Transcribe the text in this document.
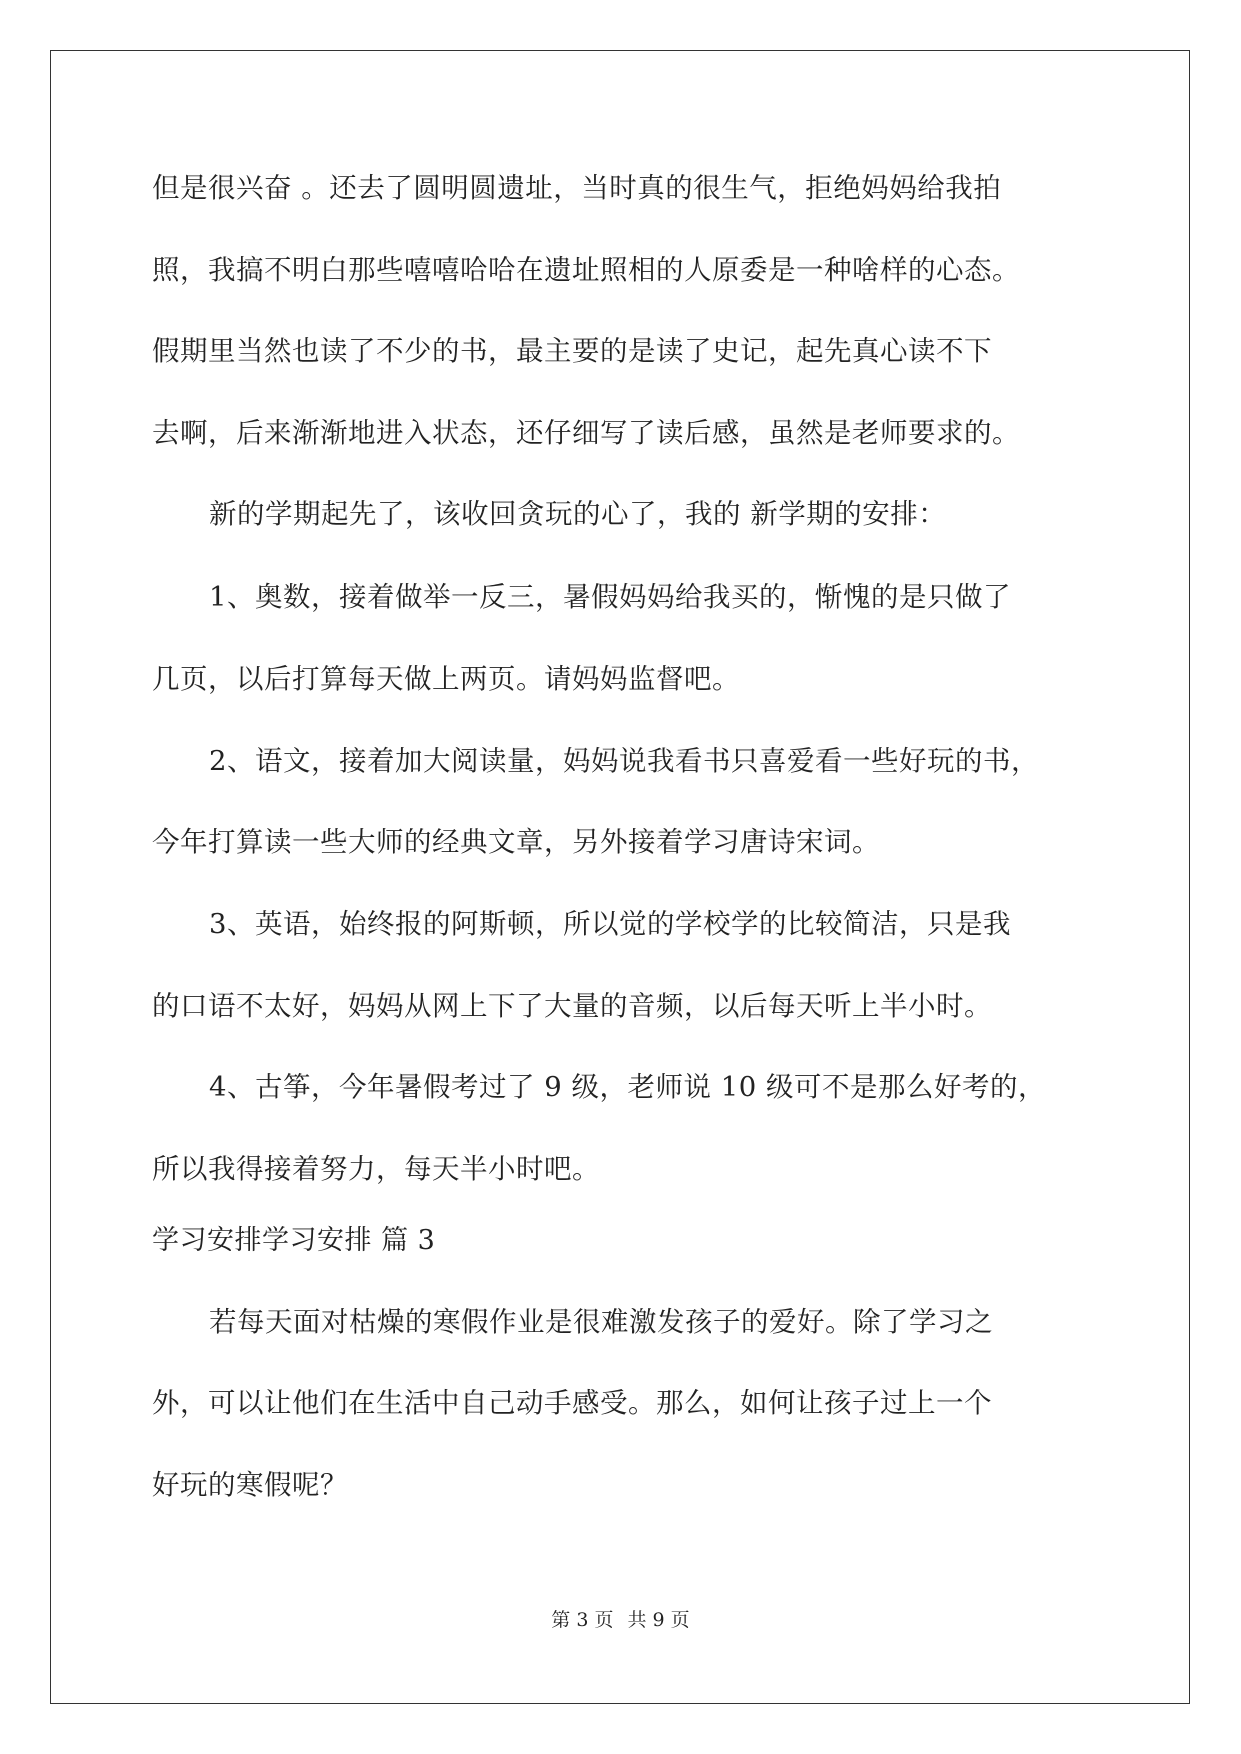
但是很兴奋 。还去了圆明圆遗址，当时真的很生气，拒绝妈妈给我拍
照，我搞不明白那些嘻嘻哈哈在遗址照相的人原委是一种啥样的心态。
假期里当然也读了不少的书，最主要的是读了史记，起先真心读不下
去啊，后来渐渐地进入状态，还仔细写了读后感，虽然是老师要求的。
新的学期起先了，该收回贪玩的心了，我的 新学期的安排：
1、奥数，接着做举一反三，暑假妈妈给我买的，惭愧的是只做了
几页，以后打算每天做上两页。请妈妈监督吧。
2、语文，接着加大阅读量，妈妈说我看书只喜爱看一些好玩的书，
今年打算读一些大师的经典文章，另外接着学习唐诗宋词。
3、英语，始终报的阿斯顿，所以觉的学校学的比较简洁，只是我
的口语不太好，妈妈从网上下了大量的音频，以后每天听上半小时。
4、古筝，今年暑假考过了 9 级，老师说 10 级可不是那么好考的，
所以我得接着努力，每天半小时吧。
学习安排学习安排 篇 3
若每天面对枯燥的寒假作业是很难激发孩子的爱好。除了学习之
外，可以让他们在生活中自己动手感受。那么，如何让孩子过上一个
好玩的寒假呢？
第 3 页 共 9 页
